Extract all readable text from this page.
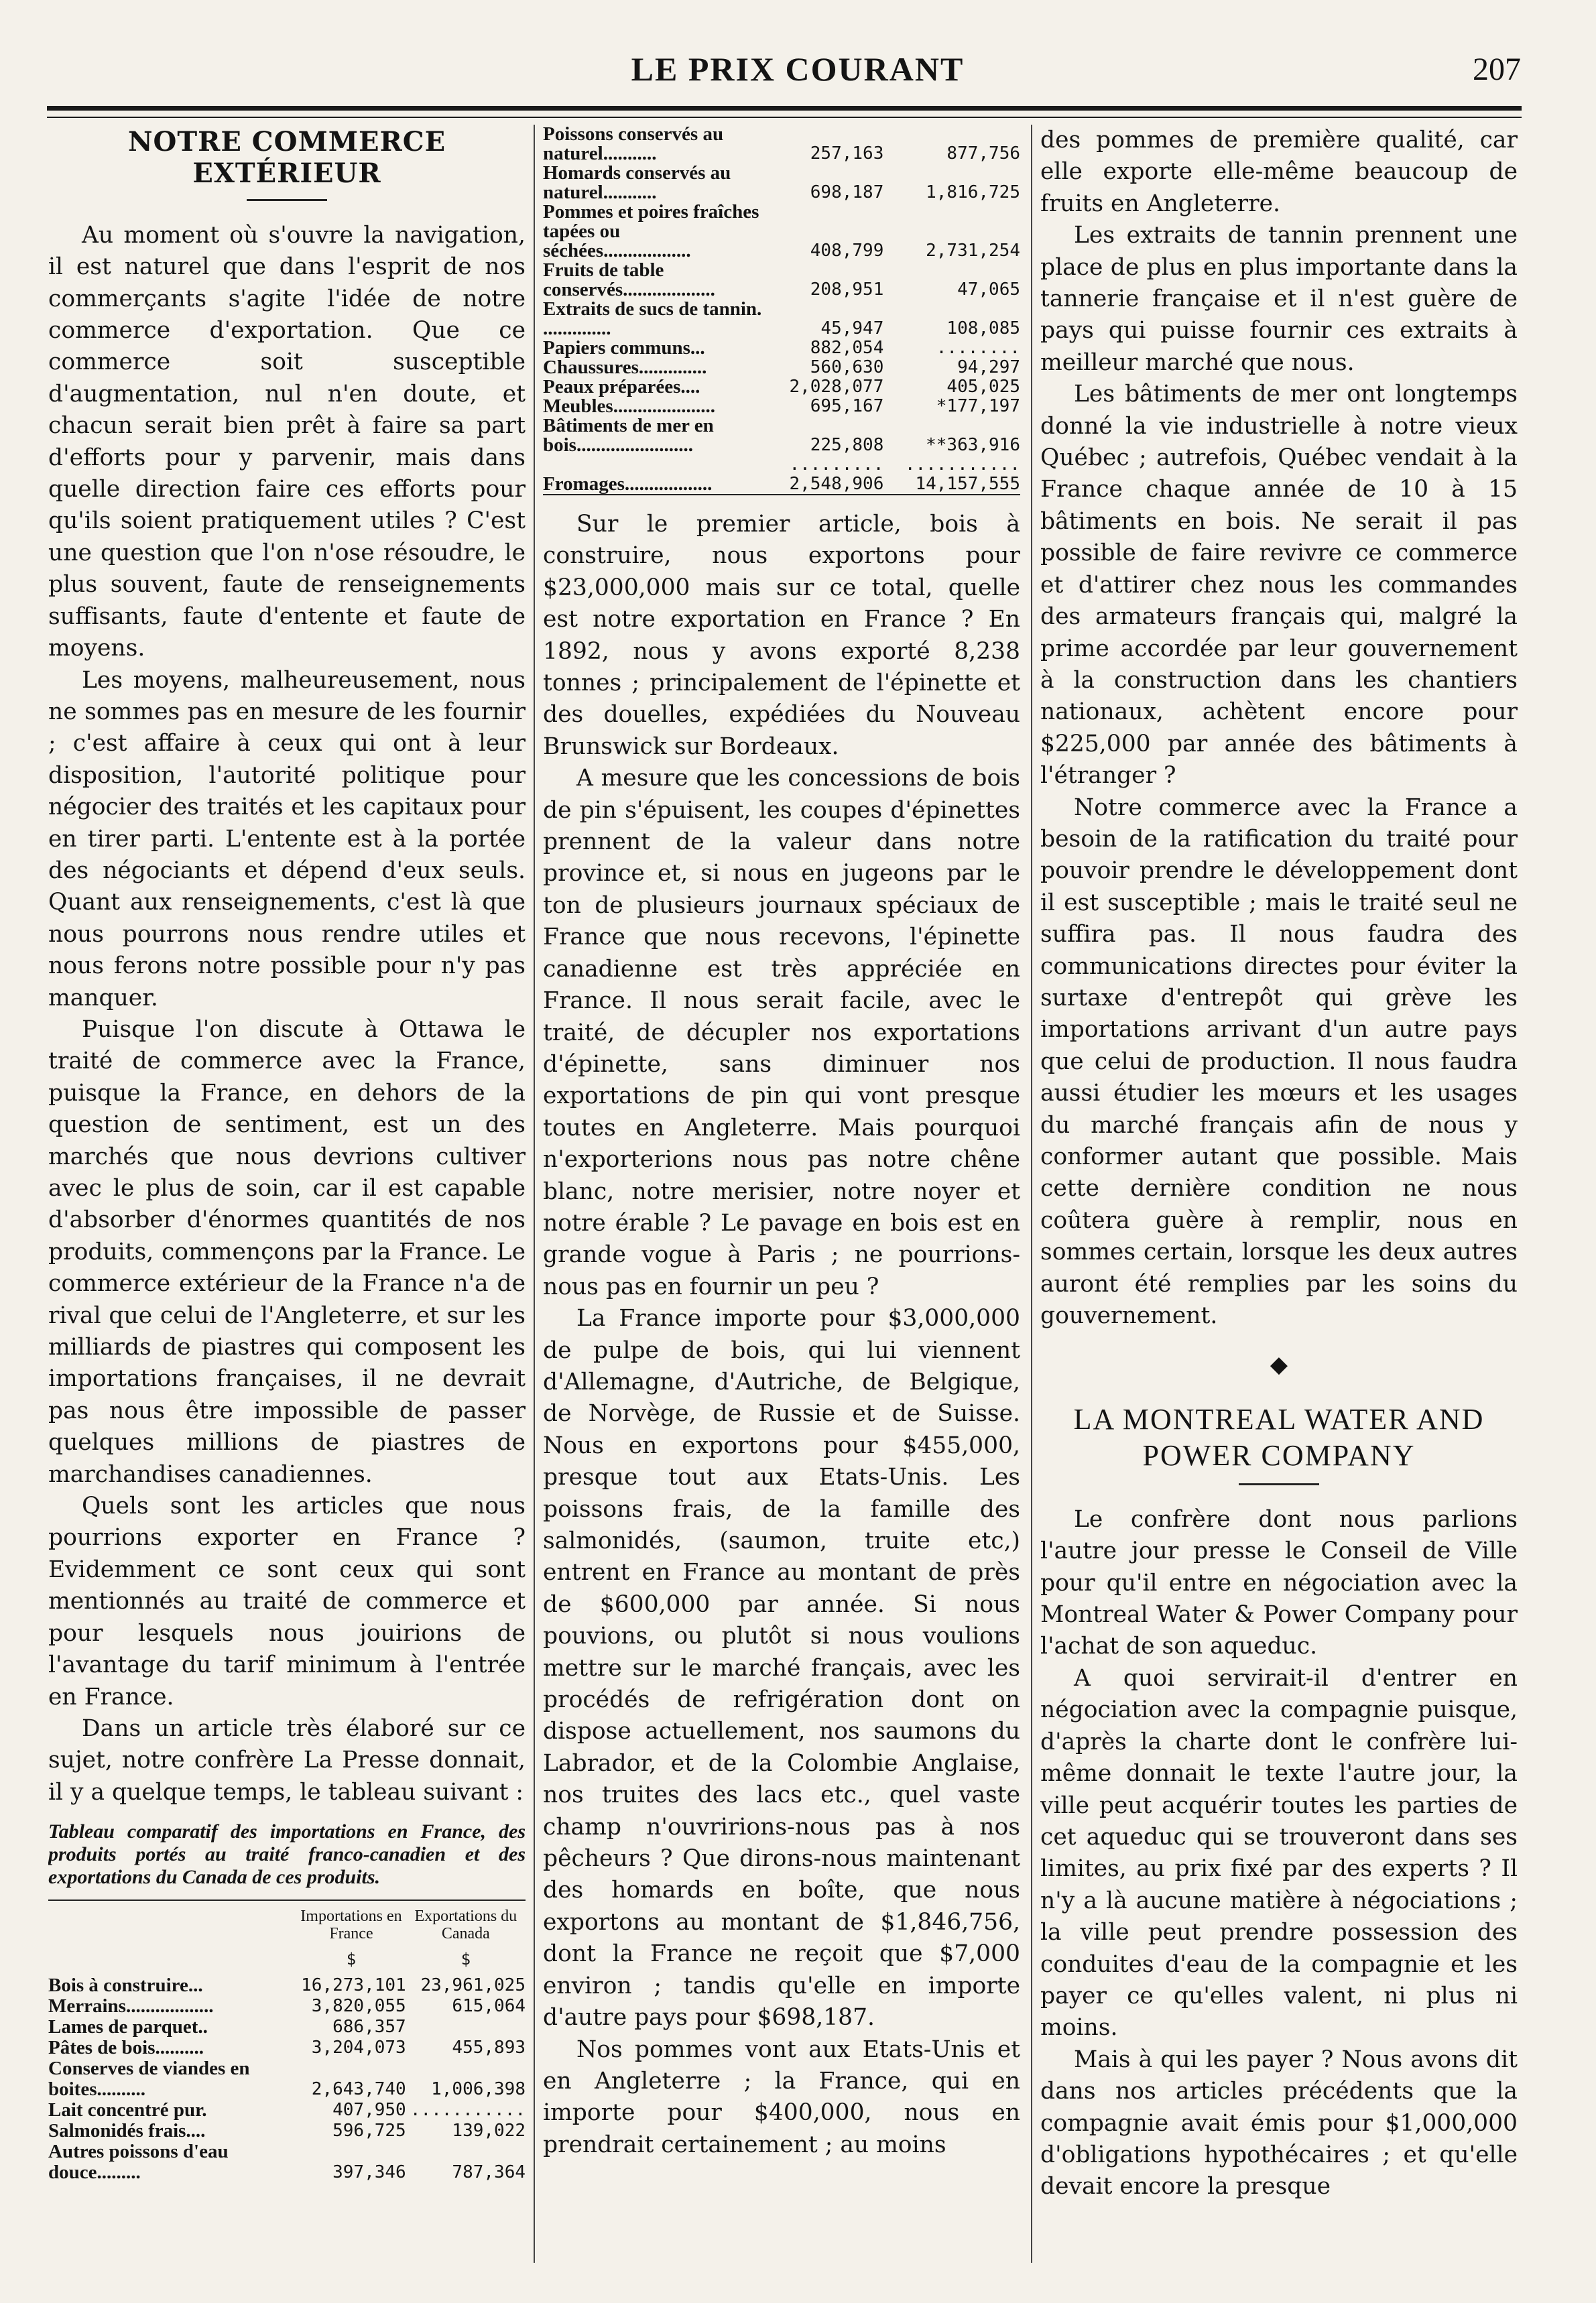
LE PRIX COURANT	207
NOTRE COMMERCE EXTÉRIEUR

Au moment où s'ouvre la navigation, il est naturel que dans l'esprit de nos commerçants s'agite l'idée de notre commerce d'exportation. Que ce commerce soit susceptible d'augmentation, nul n'en doute, et chacun serait bien prêt à faire sa part d'efforts pour y parvenir, mais dans quelle direction faire ces efforts pour qu'ils soient pratiquement utiles ? C'est une question que l'on n'ose résoudre, le plus souvent, faute de renseignements suffisants, faute d'entente et faute de moyens.

Les moyens, malheureusement, nous ne sommes pas en mesure de les fournir ; c'est affaire à ceux qui ont à leur disposition, l'autorité politique pour négocier des traités et les capitaux pour en tirer parti. L'entente est à la portée des négociants et dépend d'eux seuls. Quant aux renseignements, c'est là que nous pourrons nous rendre utiles et nous ferons notre possible pour n'y pas manquer.

Puisque l'on discute à Ottawa le traité de commerce avec la France, puisque la France, en dehors de la question de sentiment, est un des marchés que nous devrions cultiver avec le plus de soin, car il est capable d'absorber d'énormes quantités de nos produits, commençons par la France. Le commerce extérieur de la France n'a de rival que celui de l'Angleterre, et sur les milliards de piastres qui composent les importations françaises, il ne devrait pas nous être impossible de passer quelques millions de piastres de marchandises canadiennes.

Quels sont les articles que nous pourrions exporter en France ? Evidemment ce sont ceux qui sont mentionnés au traité de commerce et pour lesquels nous jouirions de l'avantage du tarif minimum à l'entrée en France.

Dans un article très élaboré sur ce sujet, notre confrère La Presse donnait, il y a quelque temps, le tableau suivant :

Tableau comparatif des importations en France, des produits portés au traité franco-canadien et des exportations du Canada de ces produits.
	Importations en France	Exportations du Canada
	$	$
Bois à construire...	16,273,101	23,961,025
Merrains..................	3,820,055	615,064
Lames de parquet..	686,357	
Pâtes de bois..........	3,204,073	455,893
Conserves de viandes en boites..........	2,643,740	1,006,398
Lait concentré pur.	407,950	...........
Salmonidés frais....	596,725	139,022
Autres poissons d'eau douce.........	397,346	787,364
Poissons conservés au naturel...........	257,163	877,756
Homards conservés au naturel...........	698,187	1,816,725
Pommes et poires fraîches tapées ou séchées..................	408,799	2,731,254
Fruits de table conservés...................	208,951	47,065
Extraits de sucs de tannin. ..............	45,947	108,085
Papiers communs...	882,054	........
Chaussures..............	560,630	94,297
Peaux préparées....	2,028,077	405,025
Meubles.....................	695,167	*177,197
Bâtiments de mer en bois........................	225,808	**363,916
	.........	...........
Fromages..................	2,548,906	14,157,555

Sur le premier article, bois à construire, nous exportons pour $23,000,000 mais sur ce total, quelle est notre exportation en France ? En 1892, nous y avons exporté 8,238 tonnes ; principalement de l'épinette et des douelles, expédiées du Nouveau Brunswick sur Bordeaux.

A mesure que les concessions de bois de pin s'épuisent, les coupes d'épinettes prennent de la valeur dans notre province et, si nous en jugeons par le ton de plusieurs journaux spéciaux de France que nous recevons, l'épinette canadienne est très appréciée en France. Il nous serait facile, avec le traité, de décupler nos exportations d'épinette, sans diminuer nos exportations de pin qui vont presque toutes en Angleterre. Mais pourquoi n'exporterions nous pas notre chêne blanc, notre merisier, notre noyer et notre érable ? Le pavage en bois est en grande vogue à Paris ; ne pourrions-nous pas en fournir un peu ?

La France importe pour $3,000,000 de pulpe de bois, qui lui viennent d'Allemagne, d'Autriche, de Belgique, de Norvège, de Russie et de Suisse. Nous en exportons pour $455,000, presque tout aux Etats-Unis. Les poissons frais, de la famille des salmonidés, (saumon, truite etc,) entrent en France au montant de près de $600,000 par année. Si nous pouvions, ou plutôt si nous voulions mettre sur le marché français, avec les procédés de refrigération dont on dispose actuellement, nos saumons du Labrador, et de la Colombie Anglaise, nos truites des lacs etc., quel vaste champ n'ouvririons-nous pas à nos pêcheurs ? Que dirons-nous maintenant des homards en boîte, que nous exportons au montant de $1,846,756, dont la France ne reçoit que $7,000 environ ; tandis qu'elle en importe d'autre pays pour $698,187.

Nos pommes vont aux Etats-Unis et en Angleterre ; la France, qui en importe pour $400,000, nous en prendrait certainement ; au moins

des pommes de première qualité, car elle exporte elle-même beaucoup de fruits en Angleterre.

Les extraits de tannin prennent une place de plus en plus importante dans la tannerie française et il n'est guère de pays qui puisse fournir ces extraits à meilleur marché que nous.

Les bâtiments de mer ont longtemps donné la vie industrielle à notre vieux Québec ; autrefois, Québec vendait à la France chaque année de 10 à 15 bâtiments en bois. Ne serait il pas possible de faire revivre ce commerce et d'attirer chez nous les commandes des armateurs français qui, malgré la prime accordée par leur gouvernement à la construction dans les chantiers nationaux, achètent encore pour $225,000 par année des bâtiments à l'étranger ?

Notre commerce avec la France a besoin de la ratification du traité pour pouvoir prendre le développement dont il est susceptible ; mais le traité seul ne suffira pas. Il nous faudra des communications directes pour éviter la surtaxe d'entrepôt qui grève les importations arrivant d'un autre pays que celui de production. Il nous faudra aussi étudier les mœurs et les usages du marché français afin de nous y conformer autant que possible. Mais cette dernière condition ne nous coûtera guère à remplir, nous en sommes certain, lorsque les deux autres auront été remplies par les soins du gouvernement.

◆
LA MONTREAL WATER AND POWER COMPANY

Le confrère dont nous parlions l'autre jour presse le Conseil de Ville pour qu'il entre en négociation avec la Montreal Water & Power Company pour l'achat de son aqueduc.

A quoi servirait-il d'entrer en négociation avec la compagnie puisque, d'après la charte dont le confrère lui-même donnait le texte l'autre jour, la ville peut acquérir toutes les parties de cet aqueduc qui se trouveront dans ses limites, au prix fixé par des experts ? Il n'y a là aucune matière à négociations ; la ville peut prendre possession des conduites d'eau de la compagnie et les payer ce qu'elles valent, ni plus ni moins.

Mais à qui les payer ? Nous avons dit dans nos articles précédents que la compagnie avait émis pour $1,000,000 d'obligations hypothécaires ; et qu'elle devait encore la presque
